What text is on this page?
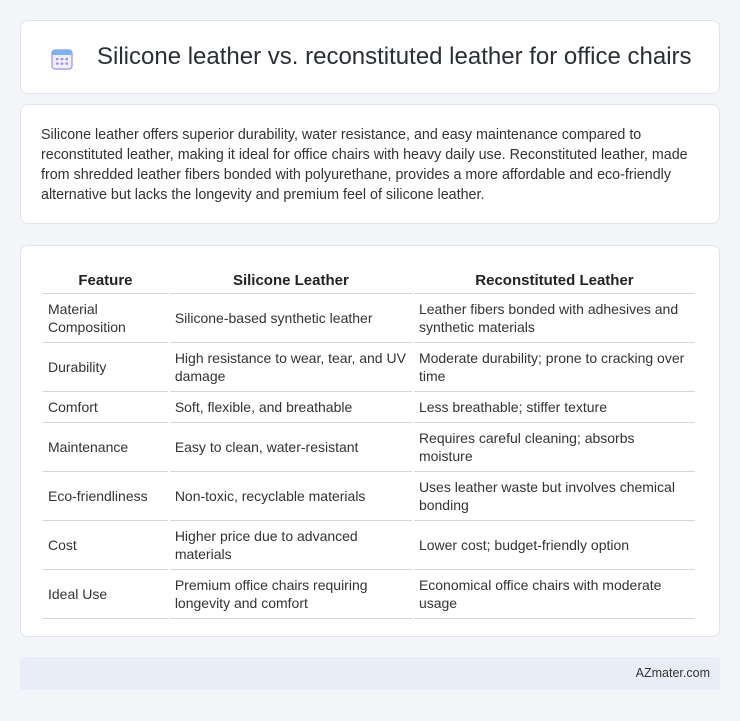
Silicone leather vs. reconstituted leather for office chairs

Silicone leather offers superior durability, water resistance, and easy maintenance compared to reconstituted leather, making it ideal for office chairs with heavy daily use. Reconstituted leather, made from shredded leather fibers bonded with polyurethane, provides a more affordable and eco-friendly alternative but lacks the longevity and premium feel of silicone leather.

Feature	Silicone Leather	Reconstituted Leather
Material Composition	Silicone-based synthetic leather	Leather fibers bonded with adhesives and synthetic materials
Durability	High resistance to wear, tear, and UV damage	Moderate durability; prone to cracking over time
Comfort	Soft, flexible, and breathable	Less breathable; stiffer texture
Maintenance	Easy to clean, water-resistant	Requires careful cleaning; absorbs moisture
Eco-friendliness	Non-toxic, recyclable materials	Uses leather waste but involves chemical bonding
Cost	Higher price due to advanced materials	Lower cost; budget-friendly option
Ideal Use	Premium office chairs requiring longevity and comfort	Economical office chairs with moderate usage
AZmater.com
